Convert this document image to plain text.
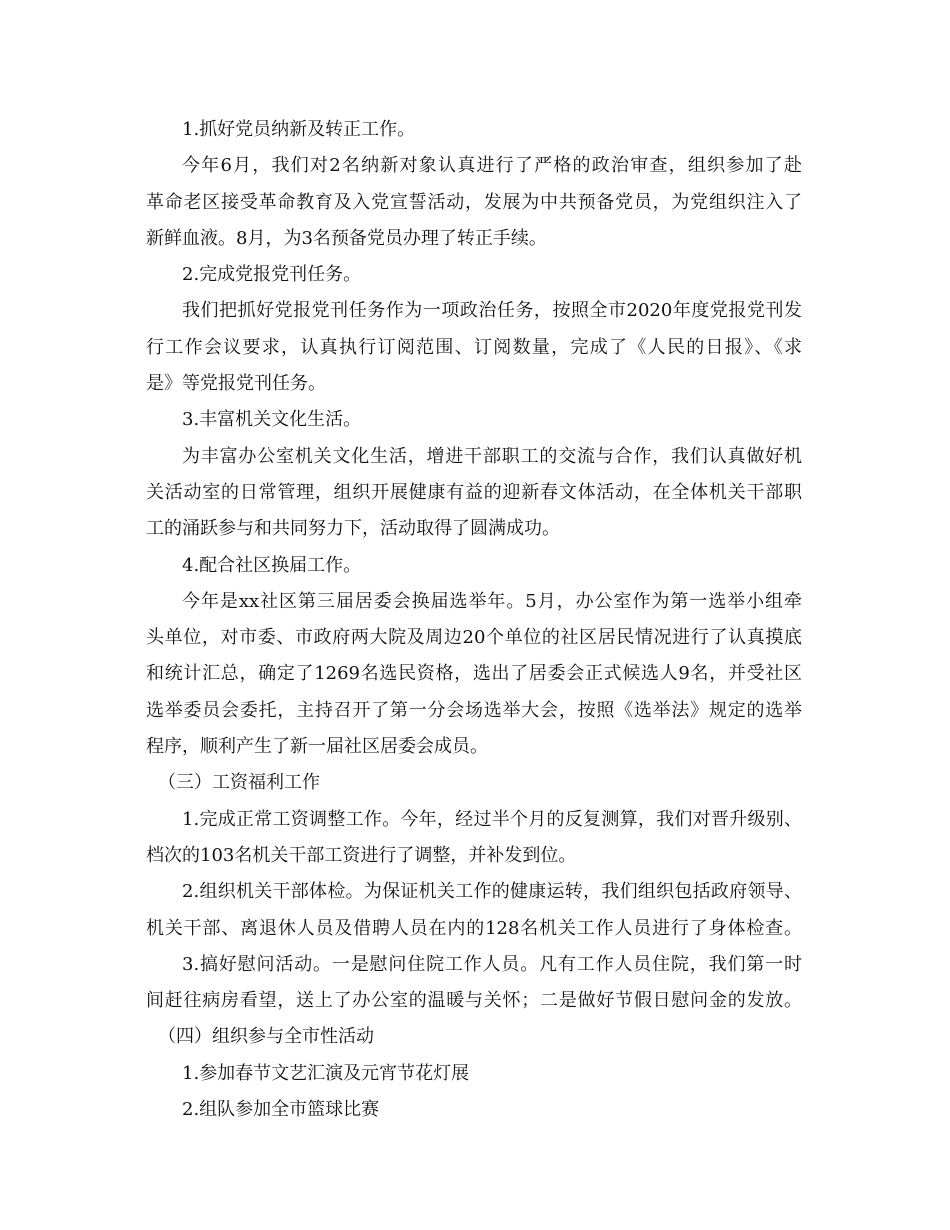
1.抓好党员纳新及转正工作。
今年6月，我们对2名纳新对象认真进行了严格的政治审查，组织参加了赴
革命老区接受革命教育及入党宣誓活动，发展为中共预备党员，为党组织注入了
新鲜血液。8月，为3名预备党员办理了转正手续。
2.完成党报党刊任务。
我们把抓好党报党刊任务作为一项政治任务，按照全市2020年度党报党刊发
行工作会议要求，认真执行订阅范围、订阅数量，完成了《人民的日报》、《求
是》等党报党刊任务。
3.丰富机关文化生活。
为丰富办公室机关文化生活，增进干部职工的交流与合作，我们认真做好机
关活动室的日常管理，组织开展健康有益的迎新春文体活动，在全体机关干部职
工的涌跃参与和共同努力下，活动取得了圆满成功。
4.配合社区换届工作。
今年是xx社区第三届居委会换届选举年。5月，办公室作为第一选举小组牵
头单位，对市委、市政府两大院及周边20个单位的社区居民情况进行了认真摸底
和统计汇总，确定了1269名选民资格，选出了居委会正式候选人9名，并受社区
选举委员会委托，主持召开了第一分会场选举大会，按照《选举法》规定的选举
程序，顺利产生了新一届社区居委会成员。
（三）工资福利工作
1.完成正常工资调整工作。今年，经过半个月的反复测算，我们对晋升级别、
档次的103名机关干部工资进行了调整，并补发到位。
2.组织机关干部体检。为保证机关工作的健康运转，我们组织包括政府领导、
机关干部、离退休人员及借聘人员在内的128名机关工作人员进行了身体检查。
3.搞好慰问活动。一是慰问住院工作人员。凡有工作人员住院，我们第一时
间赶往病房看望，送上了办公室的温暖与关怀；二是做好节假日慰问金的发放。
（四）组织参与全市性活动
1.参加春节文艺汇演及元宵节花灯展
2.组队参加全市篮球比赛
